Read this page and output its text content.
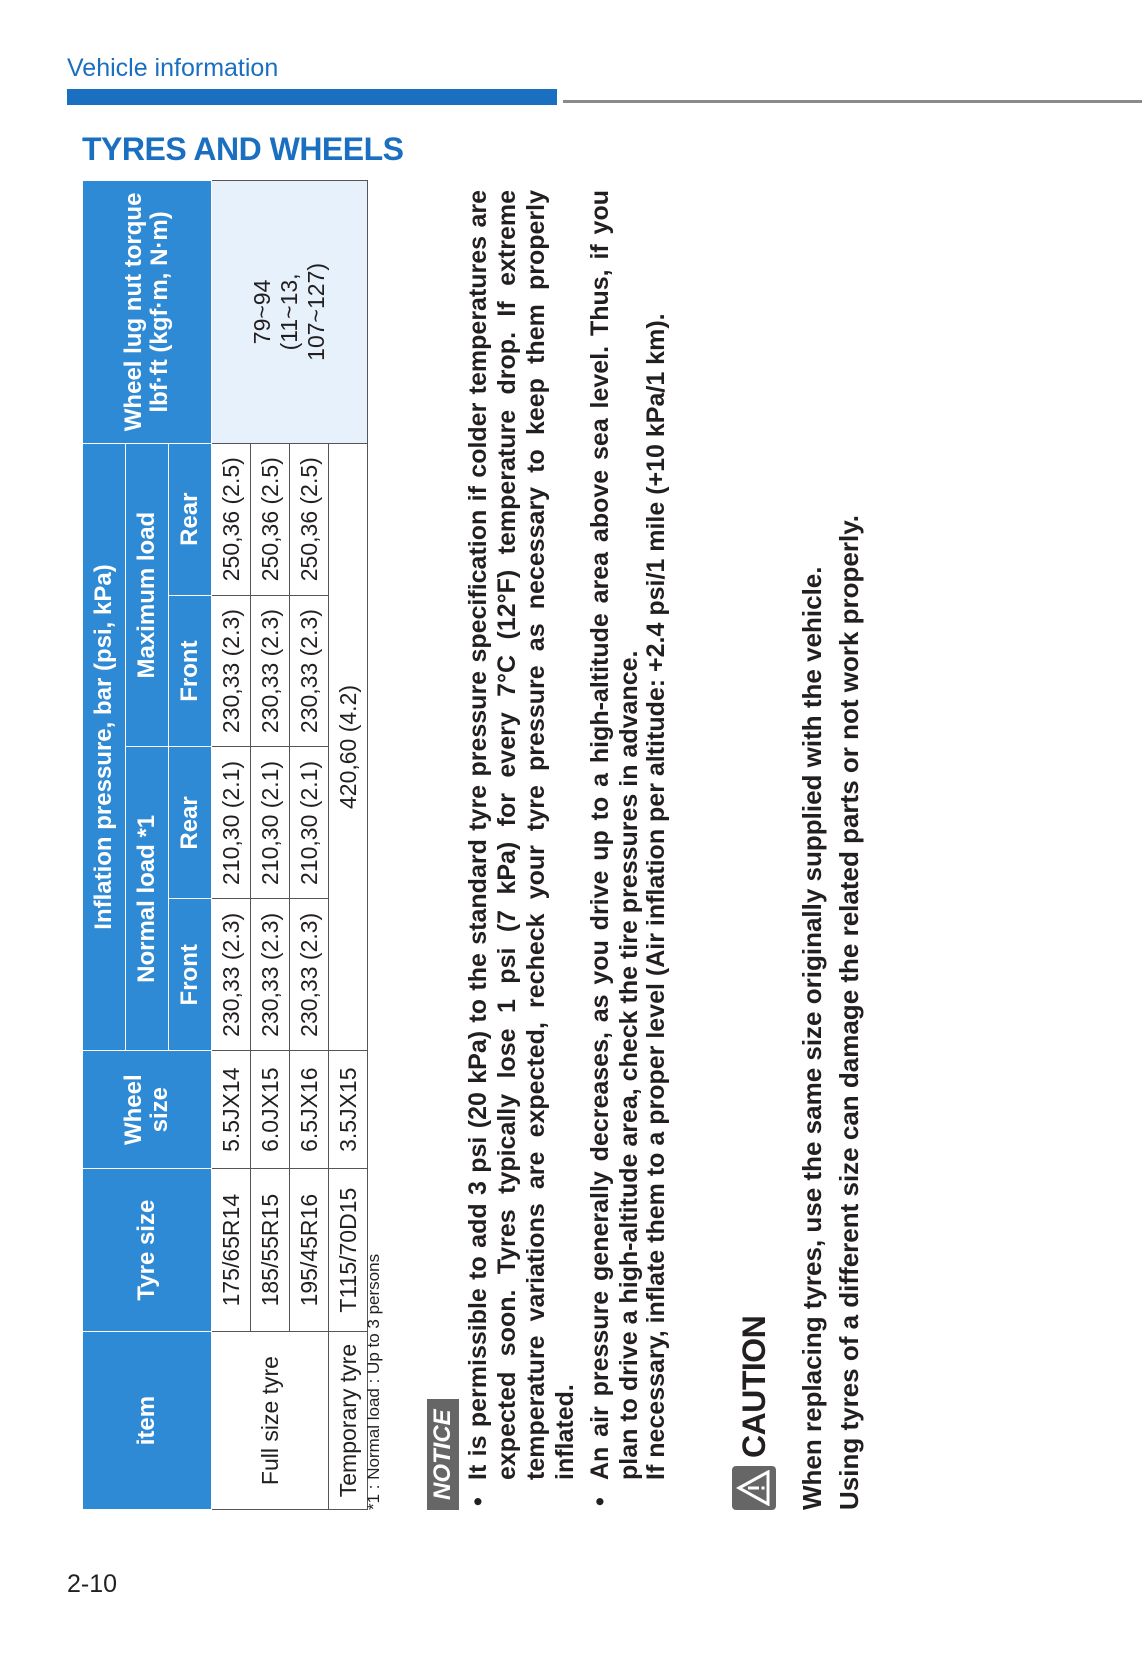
Vehicle information
TYRES AND WHEELS
item	Tyre size	Wheel size	Inflation pressure, bar (psi, kPa)				Wheel lug nut torque lbf·ft (kgf·m, N·m)
			Normal load *1		Maximum load		
			Front	Rear	Front	Rear	
Full size tyre	175/65R14	5.5JX14	230,33 (2.3)	210,30 (2.1)	230,33 (2.3)	250,36 (2.5)	79~94 (11~13, 107~127)

	185/55R15	6.0JX15	230,33 (2.3)	210,30 (2.1)	230,33 (2.3)	250,36 (2.5)	
	195/45R16	6.5JX16	230,33 (2.3)	210,30 (2.1)	230,33 (2.3)	250,36 (2.5)	
Temporary tyre	T115/70D15	3.5JX15	420,60 (4.2)				
*1 : Normal load : Up to 3 persons NOTICE
•
It is permissible to add 3 psi (20 kPa) to the standard tyre pressure specification if colder temperatures are expected soon. Tyres typically lose 1 psi (7 kPa) for every 7°C (12°F) temperature drop. If extreme temperature variations are expected, recheck your tyre pressure as necessary to keep them properly inflated.
•
An air pressure generally decreases, as you drive up to a high-altitude area above sea level. Thus, if you plan to drive a high-altitude area, check the tire pressures in advance. If necessary, inflate them to a proper level (Air inflation per altitude: +2.4 psi/1 mile (+10 kPa/1 km). CAUTION When replacing tyres, use the same size originally supplied with the vehicle. Using tyres of a different size can damage the related parts or not work properly.
2-10
